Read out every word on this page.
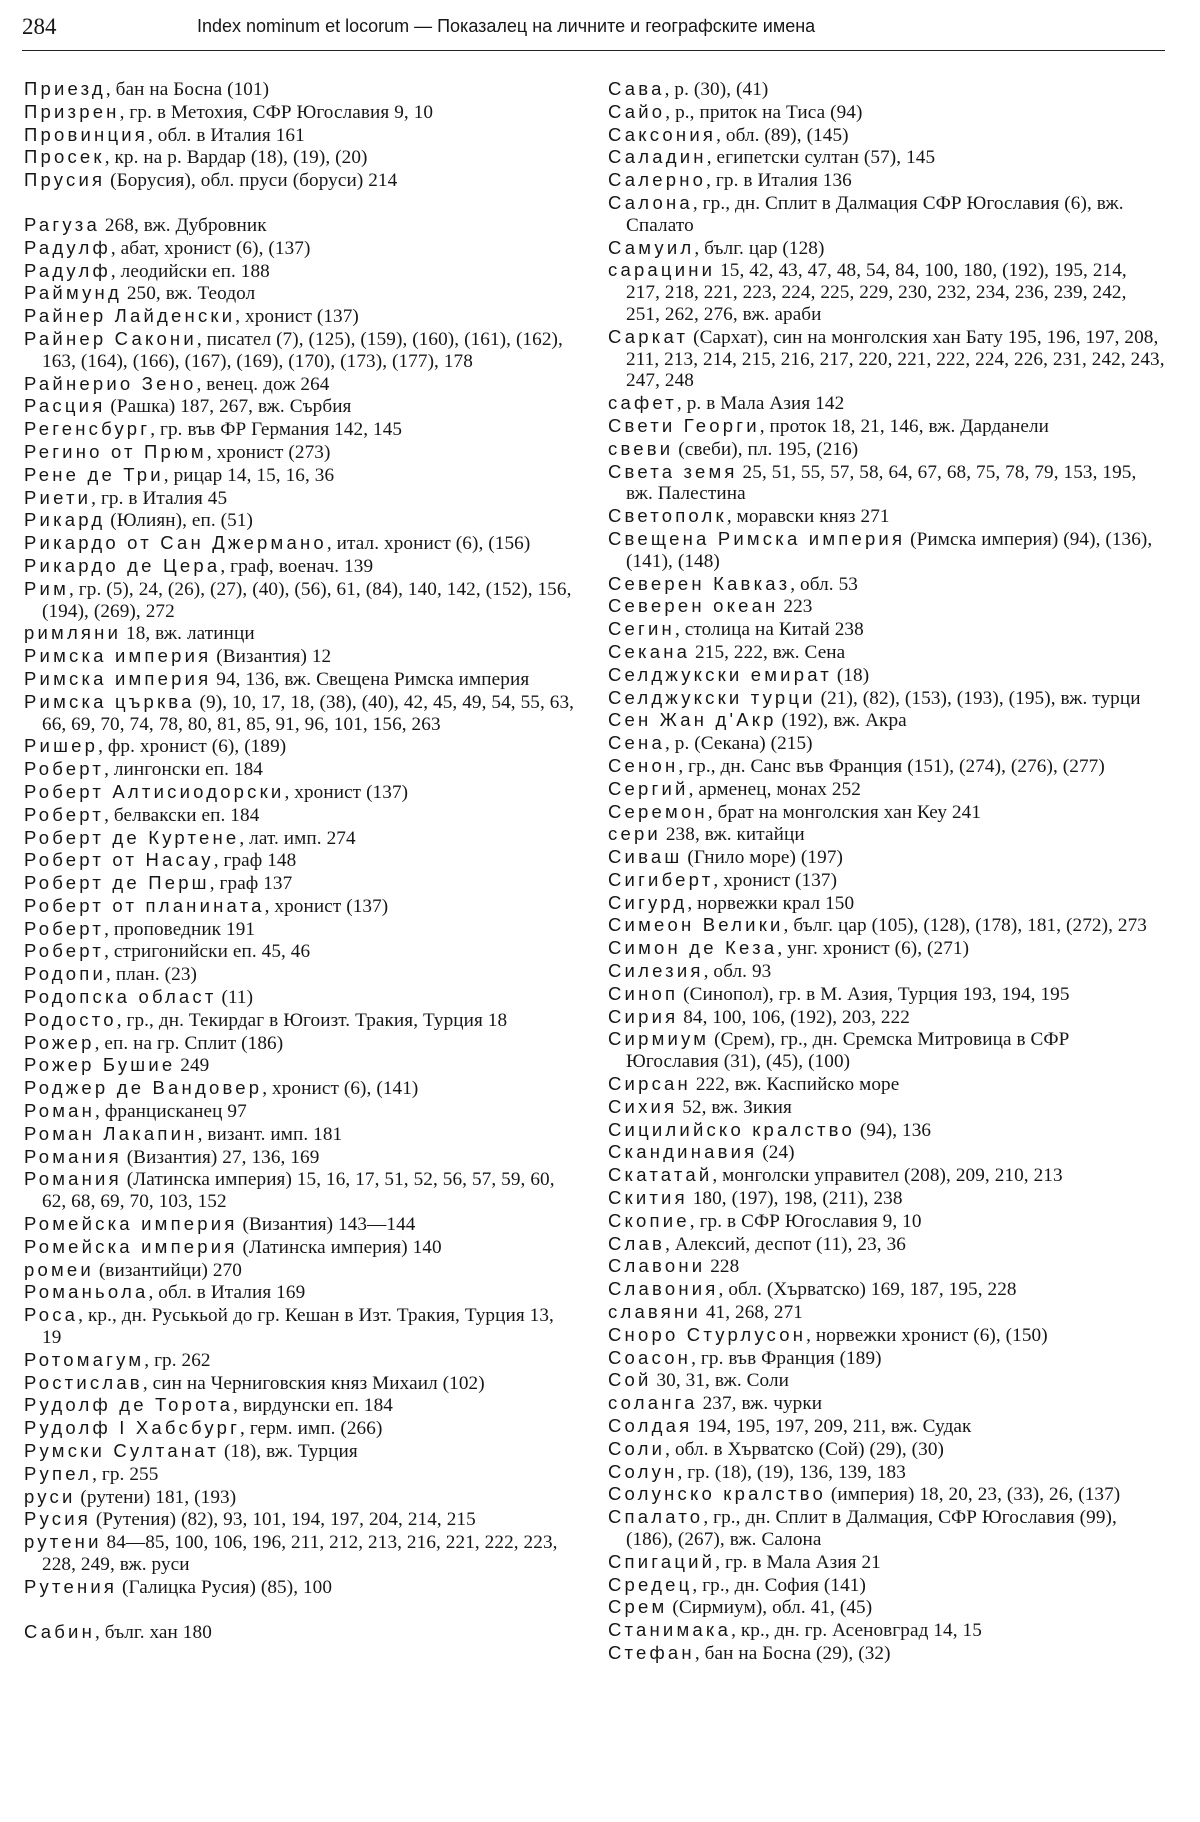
284	Index nominum et locorum — Показалец на личните и географските имена
Приезд, бан на Босна (101)
Призрен, гр. в Метохия, СФР Югославия 9, 10
Провинция, обл. в Италия 161
Просек, кр. на р. Вардар (18), (19), (20)
Прусия (Борусия), обл. пруси (боруси) 214
Рагуза 268, вж. Дубровник
Радулф, абат, хронист (6), (137)
Радулф, леодийски еп. 188
Раймунд 250, вж. Теодол
Райнер Лайденски, хронист (137)
Райнер Сакони, писател (7), (125), (159), (160), (161), (162), 163, (164), (166), (167), (169), (170), (173), (177), 178
Райнерио Зено, венец. дож 264
Расция (Рашка) 187, 267, вж. Сърбия
Регенсбург, гр. във ФР Германия 142, 145
Регино от Прюм, хронист (273)
Рене де Три, рицар 14, 15, 16, 36
Риети, гр. в Италия 45
Рикард (Юлиян), еп. (51)
Рикардо от Сан Джермано, итал. хронист (6), (156)
Рикардо де Цера, граф, военач. 139
Рим, гр. (5), 24, (26), (27), (40), (56), 61, (84), 140, 142, (152), 156, (194), (269), 272
римляни 18, вж. латинци
Римска империя (Византия) 12
Римска империя 94, 136, вж. Свещена Римска империя
Римска църква (9), 10, 17, 18, (38), (40), 42, 45, 49, 54, 55, 63, 66, 69, 70, 74, 78, 80, 81, 85, 91, 96, 101, 156, 263
Ришер, фр. хронист (6), (189)
Роберт, лингонски еп. 184
Роберт Алтисиодорски, хронист (137)
Роберт, белвакски еп. 184
Роберт де Куртене, лат. имп. 274
Роберт от Насау, граф 148
Роберт де Перш, граф 137
Роберт от планината, хронист (137)
Роберт, проповедник 191
Роберт, стригонийски еп. 45, 46
Родопи, план. (23)
Родопска област (11)
Родосто, гр., дн. Текирдаг в Югоизт. Тракия, Турция 18
Рожер, еп. на гр. Сплит (186)
Рожер Бушие 249
Роджер де Вандовер, хронист (6), (141)
Роман, францисканец 97
Роман Лакапин, визант. имп. 181
Романия (Византия) 27, 136, 169
Романия (Латинска империя) 15, 16, 17, 51, 52, 56, 57, 59, 60, 62, 68, 69, 70, 103, 152
Ромейска империя (Византия) 143—144
Ромейска империя (Латинска империя) 140
ромеи (византийци) 270
Романьола, обл. в Италия 169
Роса, кр., дн. Руськьой до гр. Кешан в Изт. Тракия, Турция 13, 19
Ротомагум, гр. 262
Ростислав, син на Черниговския княз Михаил (102)
Рудолф де Торота, вирдунски еп. 184
Рудолф I Хабсбург, герм. имп. (266)
Румски Султанат (18), вж. Турция
Рупел, гр. 255
руси (рутени) 181, (193)
Русия (Рутения) (82), 93, 101, 194, 197, 204, 214, 215
рутени 84—85, 100, 106, 196, 211, 212, 213, 216, 221, 222, 223, 228, 249, вж. руси
Рутения (Галицка Русия) (85), 100
Сабин, бълг. хан 180
Сава, р. (30), (41)
Сайо, р., приток на Тиса (94)
Саксония, обл. (89), (145)
Саладин, египетски султан (57), 145
Салерно, гр. в Италия 136
Салона, гр., дн. Сплит в Далмация СФР Югославия (6), вж. Спалато
Самуил, бълг. цар (128)
сарацини 15, 42, 43, 47, 48, 54, 84, 100, 180, (192), 195, 214, 217, 218, 221, 223, 224, 225, 229, 230, 232, 234, 236, 239, 242, 251, 262, 276, вж. араби
Саркат (Сархат), син на монголския хан Бату 195, 196, 197, 208, 211, 213, 214, 215, 216, 217, 220, 221, 222, 224, 226, 231, 242, 243, 247, 248
сафет, р. в Мала Азия 142
Свети Георги, проток 18, 21, 146, вж. Дарданели
свеви (свеби), пл. 195, (216)
Света земя 25, 51, 55, 57, 58, 64, 67, 68, 75, 78, 79, 153, 195, вж. Палестина
Светополк, моравски княз 271
Свещена Римска империя (Римска империя) (94), (136), (141), (148)
Северен Кавказ, обл. 53
Северен океан 223
Сегин, столица на Китай 238
Секана 215, 222, вж. Сена
Селджукски емират (18)
Селджукски турци (21), (82), (153), (193), (195), вж. турци
Сен Жан д'Акр (192), вж. Акра
Сена, р. (Секана) (215)
Сенон, гр., дн. Санс във Франция (151), (274), (276), (277)
Сергий, арменец, монах 252
Серемон, брат на монголския хан Кеу 241
сери 238, вж. китайци
Сиваш (Гнило море) (197)
Сигиберт, хронист (137)
Сигурд, норвежки крал 150
Симеон Велики, бълг. цар (105), (128), (178), 181, (272), 273
Симон де Кеза, унг. хронист (6), (271)
Силезия, обл. 93
Синоп (Синопол), гр. в М. Азия, Турция 193, 194, 195
Сирия 84, 100, 106, (192), 203, 222
Сирмиум (Срем), гр., дн. Сремска Митровица в СФР Югославия (31), (45), (100)
Сирсан 222, вж. Каспийско море
Сихия 52, вж. Зикия
Сицилийско кралство (94), 136
Скандинавия (24)
Скататай, монголски управител (208), 209, 210, 213
Скития 180, (197), 198, (211), 238
Скопие, гр. в СФР Югославия 9, 10
Слав, Алексий, деспот (11), 23, 36
Славони 228
Славония, обл. (Хърватско) 169, 187, 195, 228
славяни 41, 268, 271
Сноро Стурлусон, норвежки хронист (6), (150)
Соасон, гр. във Франция (189)
Сой 30, 31, вж. Соли
соланга 237, вж. чурки
Солдая 194, 195, 197, 209, 211, вж. Судак
Соли, обл. в Хърватско (Сой) (29), (30)
Солун, гр. (18), (19), 136, 139, 183
Солунско кралство (империя) 18, 20, 23, (33), 26, (137)
Спалато, гр., дн. Сплит в Далмация, СФР Югославия (99), (186), (267), вж. Салона
Спигаций, гр. в Мала Азия 21
Средец, гр., дн. София (141)
Срем (Сирмиум), обл. 41, (45)
Станимака, кр., дн. гр. Асеновград 14, 15
Стефан, бан на Босна (29), (32)
